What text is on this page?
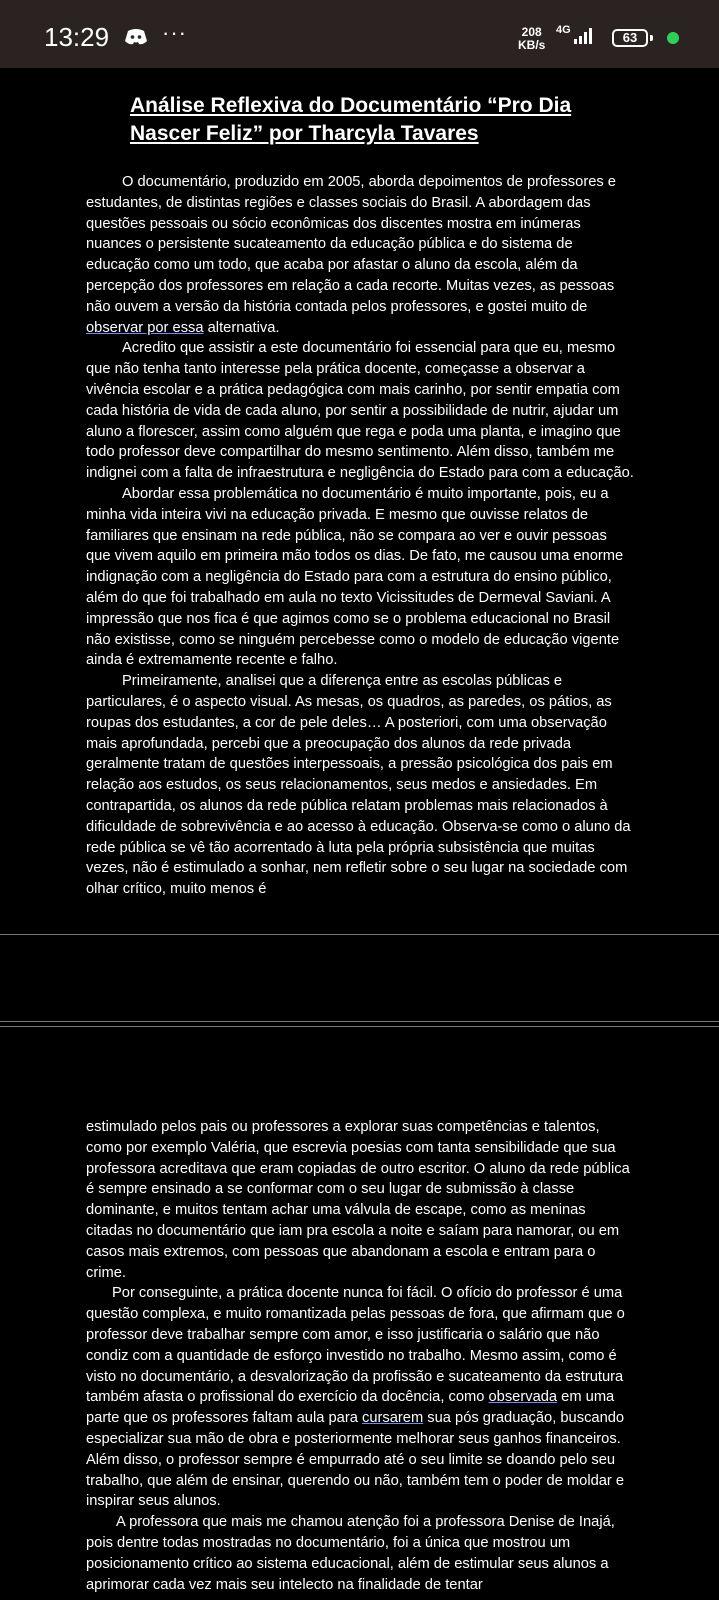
13:29 ···	208
KB/s
4G	63
Análise Reflexiva do Documentário “Pro Dia Nascer Feliz” por Tharcyla Tavares

O documentário, produzido em 2005, aborda depoimentos de professores e estudantes, de distintas regiões e classes sociais do Brasil. A abordagem das questões pessoais ou sócio econômicas dos discentes mostra em inúmeras nuances o persistente sucateamento da educação pública e do sistema de educação como um todo, que acaba por afastar o aluno da escola, além da percepção dos professores em relação a cada recorte. Muitas vezes, as pessoas não ouvem a versão da história contada pelos professores, e gostei muito de observar por essa alternativa.

Acredito que assistir a este documentário foi essencial para que eu, mesmo que não tenha tanto interesse pela prática docente, começasse a observar a vivência escolar e a prática pedagógica com mais carinho, por sentir empatia com cada história de vida de cada aluno, por sentir a possibilidade de nutrir, ajudar um aluno a florescer, assim como alguém que rega e poda uma planta, e imagino que todo professor deve compartilhar do mesmo sentimento. Além disso, também me indignei com a falta de infraestrutura e negligência do Estado para com a educação.

Abordar essa problemática no documentário é muito importante, pois, eu a minha vida inteira vivi na educação privada. E mesmo que ouvisse relatos de familiares que ensinam na rede pública, não se compara ao ver e ouvir pessoas que vivem aquilo em primeira mão todos os dias. De fato, me causou uma enorme indignação com a negligência do Estado para com a estrutura do ensino público, além do que foi trabalhado em aula no texto Vicissitudes de Dermeval Saviani. A impressão que nos fica é que agimos como se o problema educacional no Brasil não existisse, como se ninguém percebesse como o modelo de educação vigente ainda é extremamente recente e falho.

Primeiramente, analisei que a diferença entre as escolas públicas e particulares, é o aspecto visual. As mesas, os quadros, as paredes, os pátios, as roupas dos estudantes, a cor de pele deles… A posteriori, com uma observação mais aprofundada, percebi que a preocupação dos alunos da rede privada geralmente tratam de questões interpessoais, a pressão psicológica dos pais em relação aos estudos, os seus relacionamentos, seus medos e ansiedades. Em contrapartida, os alunos da rede pública relatam problemas mais relacionados à dificuldade de sobrevivência e ao acesso à educação. Observa-se como o aluno da rede pública se vê tão acorrentado à luta pela própria subsistência que muitas vezes, não é estimulado a sonhar, nem refletir sobre o seu lugar na sociedade com olhar crítico, muito menos é

estimulado pelos pais ou professores a explorar suas competências e talentos, como por exemplo Valéria, que escrevia poesias com tanta sensibilidade que sua professora acreditava que eram copiadas de outro escritor. O aluno da rede pública é sempre ensinado a se conformar com o seu lugar de submissão à classe dominante, e muitos tentam achar uma válvula de escape, como as meninas citadas no documentário que iam pra escola a noite e saíam para namorar, ou em casos mais extremos, com pessoas que abandonam a escola e entram para o crime.

Por conseguinte, a prática docente nunca foi fácil. O ofício do professor é uma questão complexa, e muito romantizada pelas pessoas de fora, que afirmam que o professor deve trabalhar sempre com amor, e isso justificaria o salário que não condiz com a quantidade de esforço investido no trabalho. Mesmo assim, como é visto no documentário, a desvalorização da profissão e sucateamento da estrutura também afasta o profissional do exercício da docência, como observada em uma parte que os professores faltam aula para cursarem sua pós graduação, buscando especializar sua mão de obra e posteriormente melhorar seus ganhos financeiros. Além disso, o professor sempre é empurrado até o seu limite se doando pelo seu trabalho, que além de ensinar, querendo ou não, também tem o poder de moldar e inspirar seus alunos.

A professora que mais me chamou atenção foi a professora Denise de Inajá, pois dentre todas mostradas no documentário, foi a única que mostrou um posicionamento crítico ao sistema educacional, além de estimular seus alunos a aprimorar cada vez mais seu intelecto na finalidade de tentar
